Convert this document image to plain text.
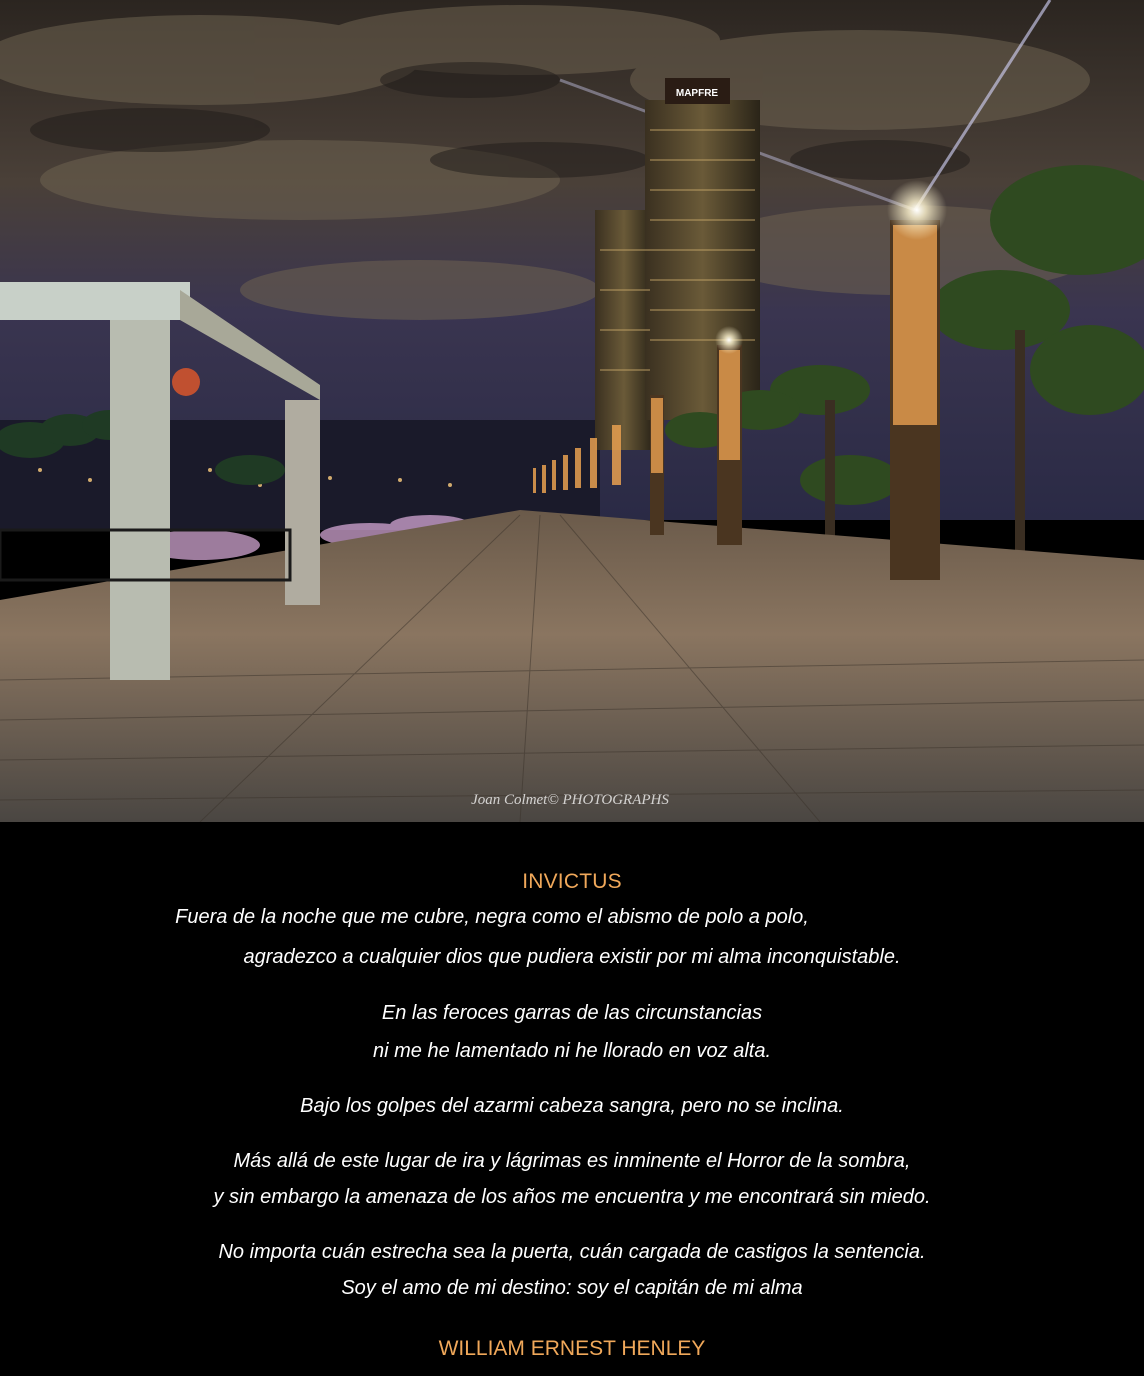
MAPFRE
Joan Colmet© PHOTOGRAPHS
INVICTUS
Fuera de la noche que me cubre, negra como el abismo de polo a polo,
agradezco a cualquier dios que pudiera existir por mi alma inconquistable.
En las feroces garras de las circunstancias
ni me he lamentado ni he llorado en voz alta.
Bajo los golpes del azarmi cabeza sangra, pero no se inclina.
Más allá de este lugar de ira y lágrimas es inminente el Horror de la sombra,
y sin embargo la amenaza de los años me encuentra y me encontrará sin miedo.
No importa cuán estrecha sea la puerta, cuán cargada de castigos la sentencia.
Soy el amo de mi destino: soy el capitán de mi alma
WILLIAM ERNEST HENLEY
